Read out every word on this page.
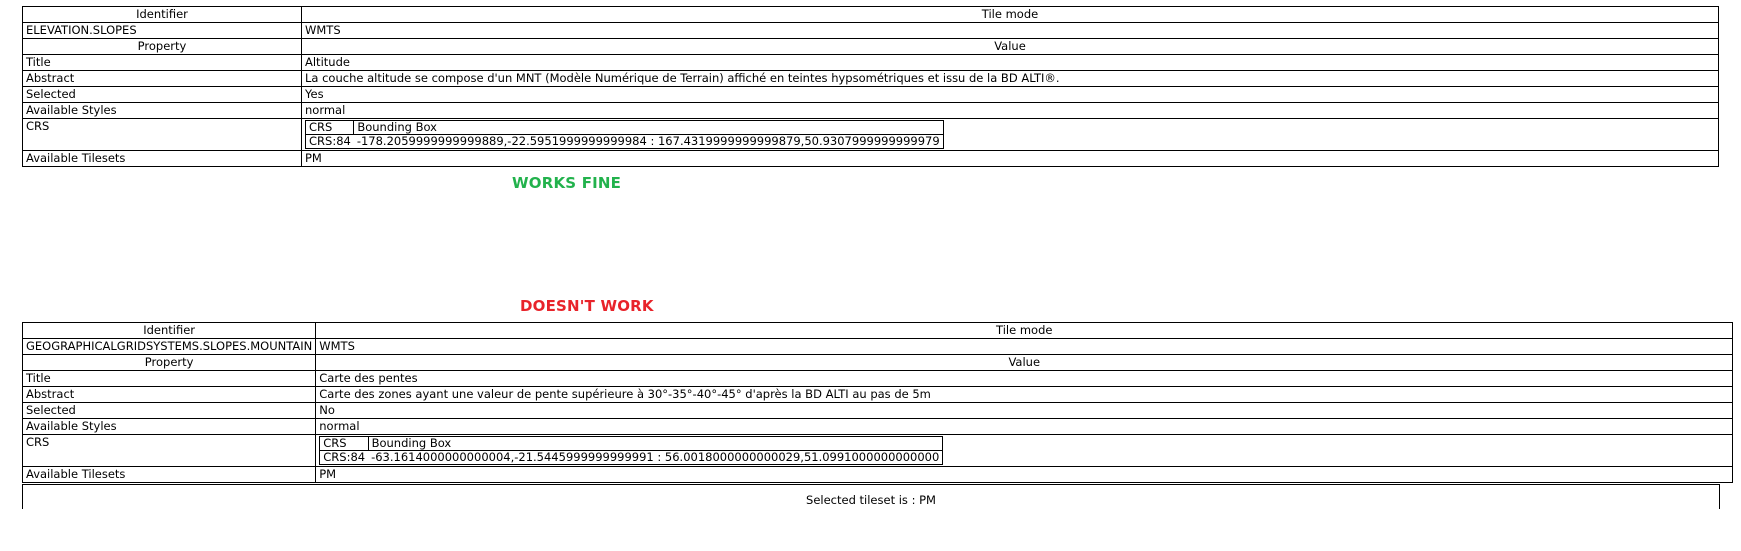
Identifier	Tile mode
ELEVATION.SLOPES	WMTS
Property	Value
Title	Altitude
Abstract	La couche altitude se compose d'un MNT (Modèle Numérique de Terrain) affiché en teintes hypsométriques et issu de la BD ALTI®.
Selected	Yes
Available Styles	normal
CRS		CRS	Bounding Box
CRS:84	-178.2059999999999889,-22.5951999999999984 : 167.4319999999999879,50.9307999999999979

Available Tilesets	PM
WORKS FINE
DOESN'T WORK
Identifier	Tile mode
GEOGRAPHICALGRIDSYSTEMS.SLOPES.MOUNTAIN	WMTS
Property	Value
Title	Carte des pentes
Abstract	Carte des zones ayant une valeur de pente supérieure à 30°-35°-40°-45° d'après la BD ALTI au pas de 5m
Selected	No
Available Styles	normal
CRS		CRS	Bounding Box
CRS:84	-63.1614000000000004,-21.5445999999999991 : 56.0018000000000029,51.0991000000000000

Available Tilesets	PM
Selected tileset is : PM
